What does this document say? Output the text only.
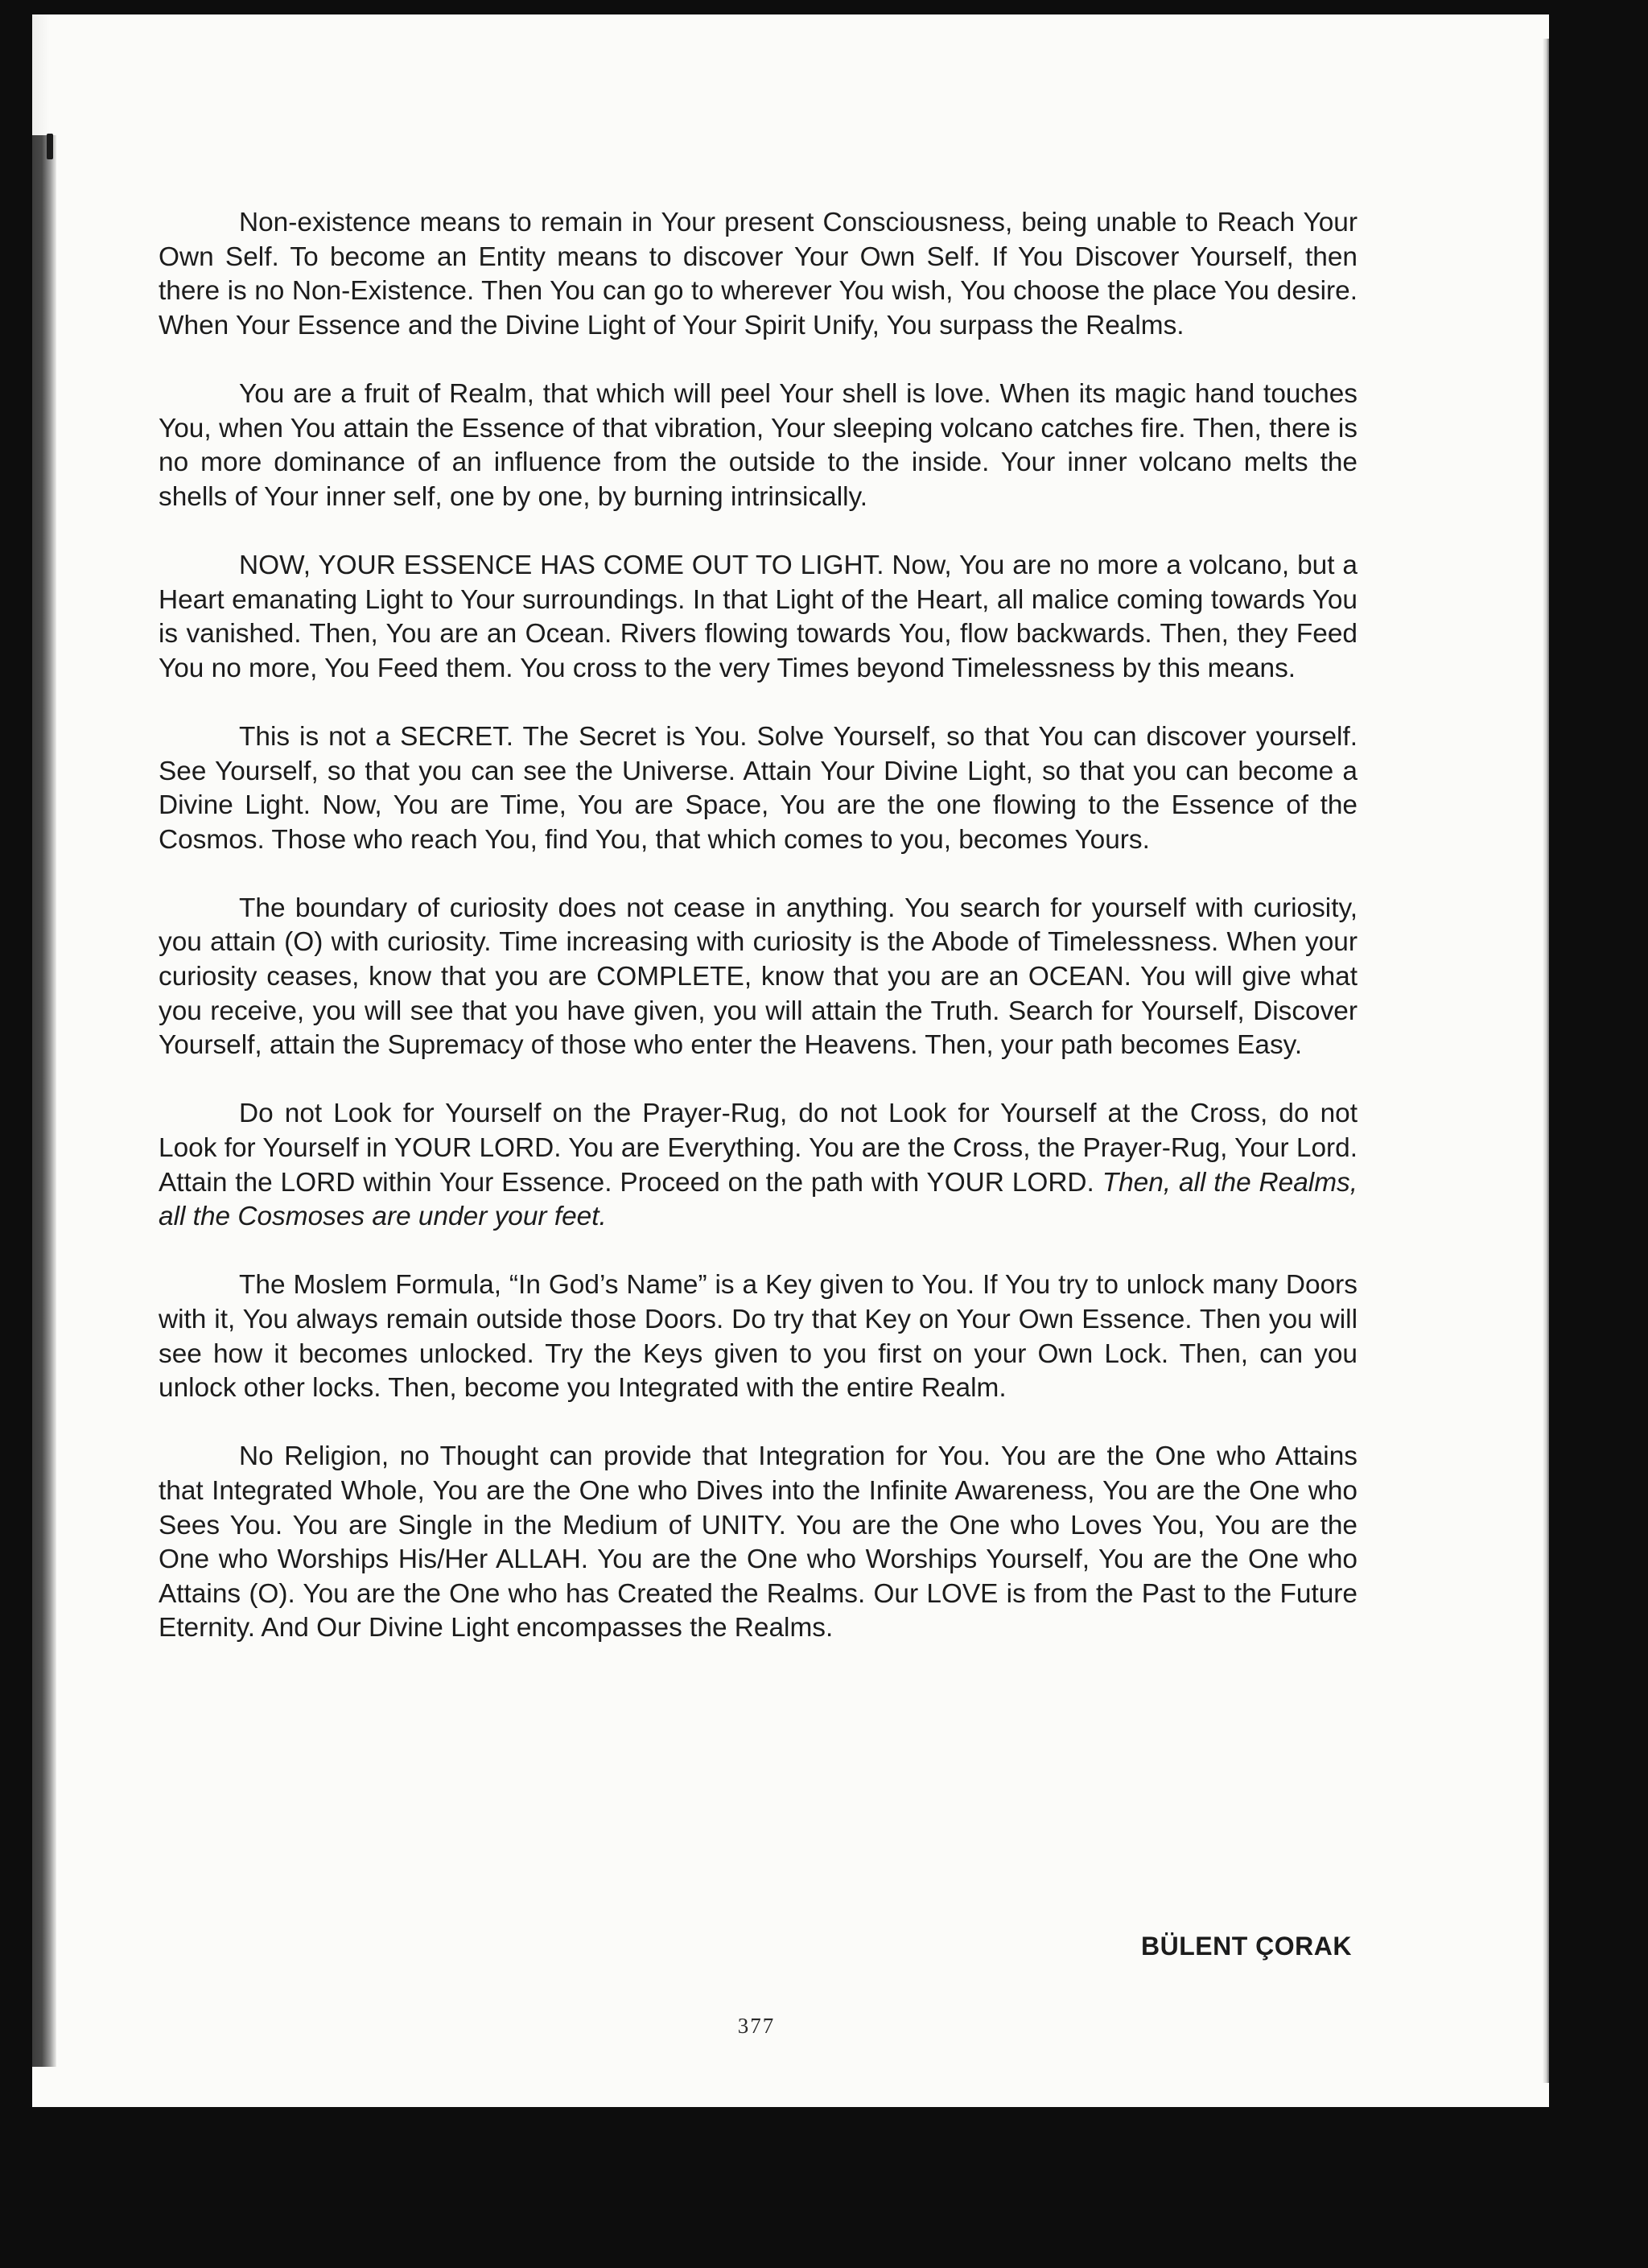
Non-existence means to remain in Your present Consciousness, being unable to Reach Your Own Self. To become an Entity means to discover Your Own Self. If You Discover Yourself, then there is no Non-Existence. Then You can go to wherever You wish, You choose the place You desire. When Your Essence and the Divine Light of Your Spirit Unify, You surpass the Realms.

You are a fruit of Realm, that which will peel Your shell is love. When its magic hand touches You, when You attain the Essence of that vibration, Your sleeping volcano catches fire. Then, there is no more dominance of an influence from the outside to the inside. Your inner volcano melts the shells of Your inner self, one by one, by burning intrinsically.

NOW, YOUR ESSENCE HAS COME OUT TO LIGHT. Now, You are no more a volcano, but a Heart emanating Light to Your surroundings. In that Light of the Heart, all malice coming towards You is vanished. Then, You are an Ocean. Rivers flowing towards You, flow backwards. Then, they Feed You no more, You Feed them. You cross to the very Times beyond Timelessness by this means.

This is not a SECRET. The Secret is You. Solve Yourself, so that You can discover yourself. See Yourself, so that you can see the Universe. Attain Your Divine Light, so that you can become a Divine Light. Now, You are Time, You are Space, You are the one flowing to the Essence of the Cosmos. Those who reach You, find You, that which comes to you, becomes Yours.

The boundary of curiosity does not cease in anything. You search for yourself with curiosity, you attain (O) with curiosity. Time increasing with curiosity is the Abode of Timelessness. When your curiosity ceases, know that you are COMPLETE, know that you are an OCEAN. You will give what you receive, you will see that you have given, you will attain the Truth. Search for Yourself, Discover Yourself, attain the Supremacy of those who enter the Heavens. Then, your path becomes Easy.

Do not Look for Yourself on the Prayer-Rug, do not Look for Yourself at the Cross, do not Look for Yourself in YOUR LORD. You are Everything. You are the Cross, the Prayer-Rug, Your Lord. Attain the LORD within Your Essence. Proceed on the path with YOUR LORD. Then, all the Realms, all the Cosmoses are under your feet.

The Moslem Formula, “In God’s Name” is a Key given to You. If You try to unlock many Doors with it, You always remain outside those Doors. Do try that Key on Your Own Essence. Then you will see how it becomes unlocked. Try the Keys given to you first on your Own Lock. Then, can you unlock other locks. Then, become you Integrated with the entire Realm.

No Religion, no Thought can provide that Integration for You. You are the One who Attains that Integrated Whole, You are the One who Dives into the Infinite Awareness, You are the One who Sees You. You are Single in the Medium of UNITY. You are the One who Loves You, You are the One who Worships His/Her ALLAH. You are the One who Worships Yourself, You are the One who Attains (O). You are the One who has Created the Realms. Our LOVE is from the Past to the Future Eternity. And Our Divine Light encompasses the Realms.

BÜLENT ÇORAK
377
